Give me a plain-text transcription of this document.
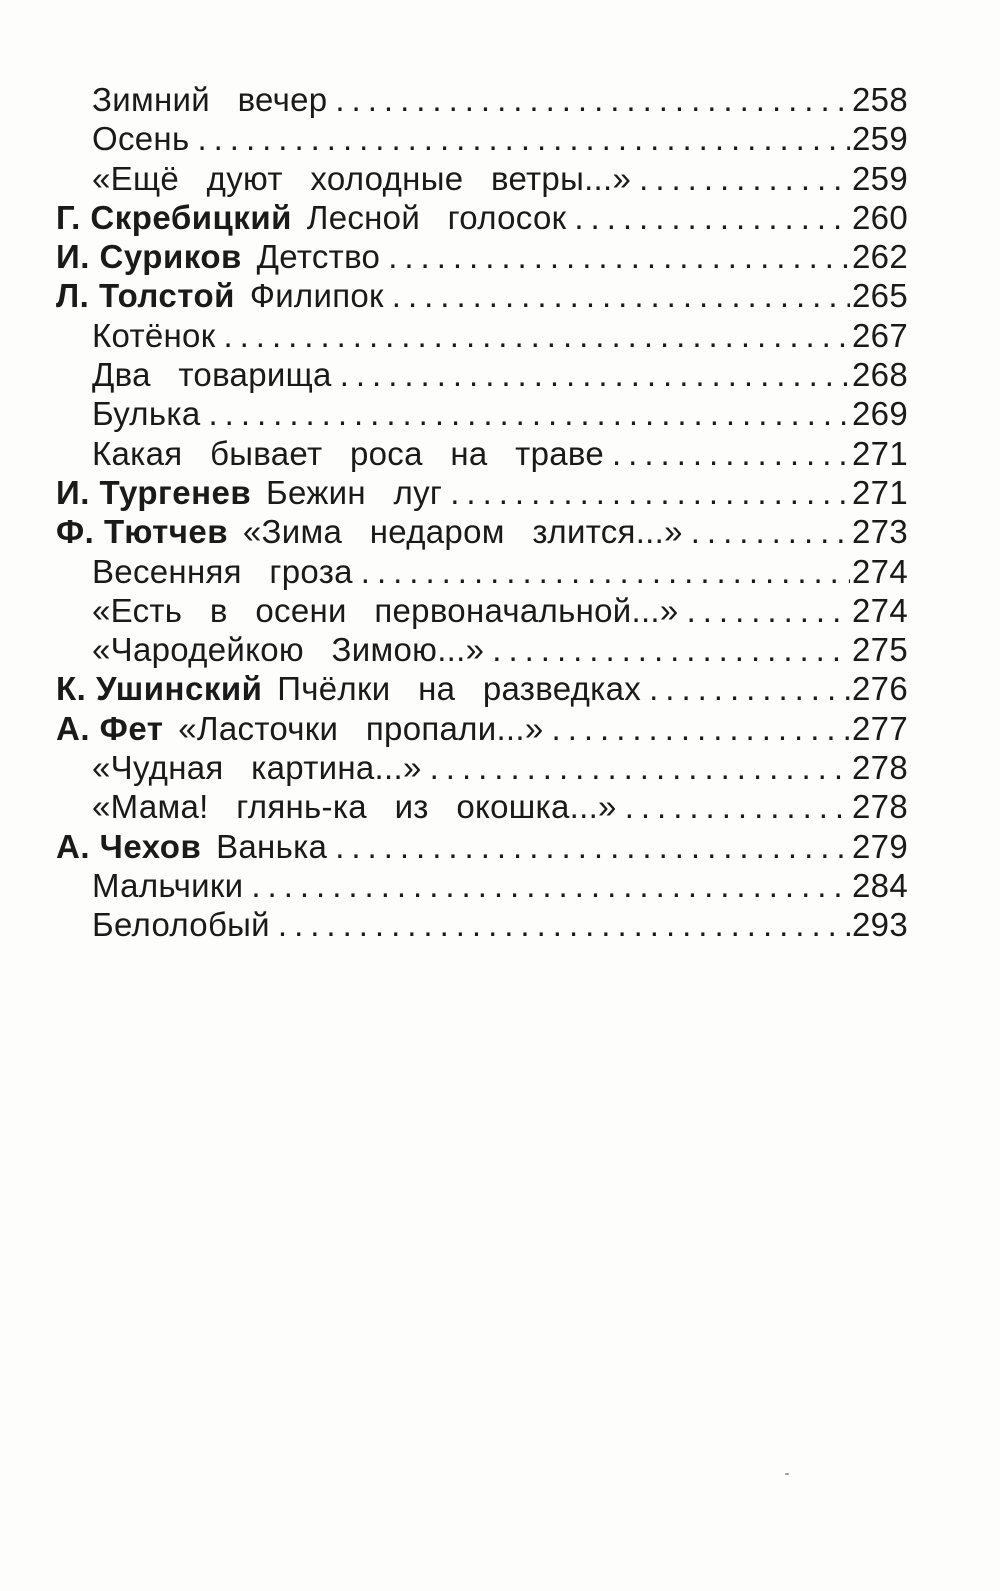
Зимний вечер .....	258
Осень .....	259
«Ещё дуют холодные ветры...» .....	259
Г. Скребицкий Лесной голосок .....	260
И. Суриков Детство .....	262
Л. Толстой Филипок .....	265
Котёнок .....	267
Два товарища .....	268
Булька .....	269
Какая бывает роса на траве .....	271
И. Тургенев Бежин луг .....	271
Ф. Тютчев «Зима недаром злится...» .....	273
Весенняя гроза .....	274
«Есть в осени первоначальной...» .....	274
«Чародейкою Зимою...» .....	275
К. Ушинский Пчёлки на разведках .....	276
А. Фет «Ласточки пропали...» .....	277
«Чудная картина...» .....	278
«Мама! глянь-ка из окошка...» .....	278
А. Чехов Ванька .....	279
Мальчики .....	284
Белолобый .....	293
